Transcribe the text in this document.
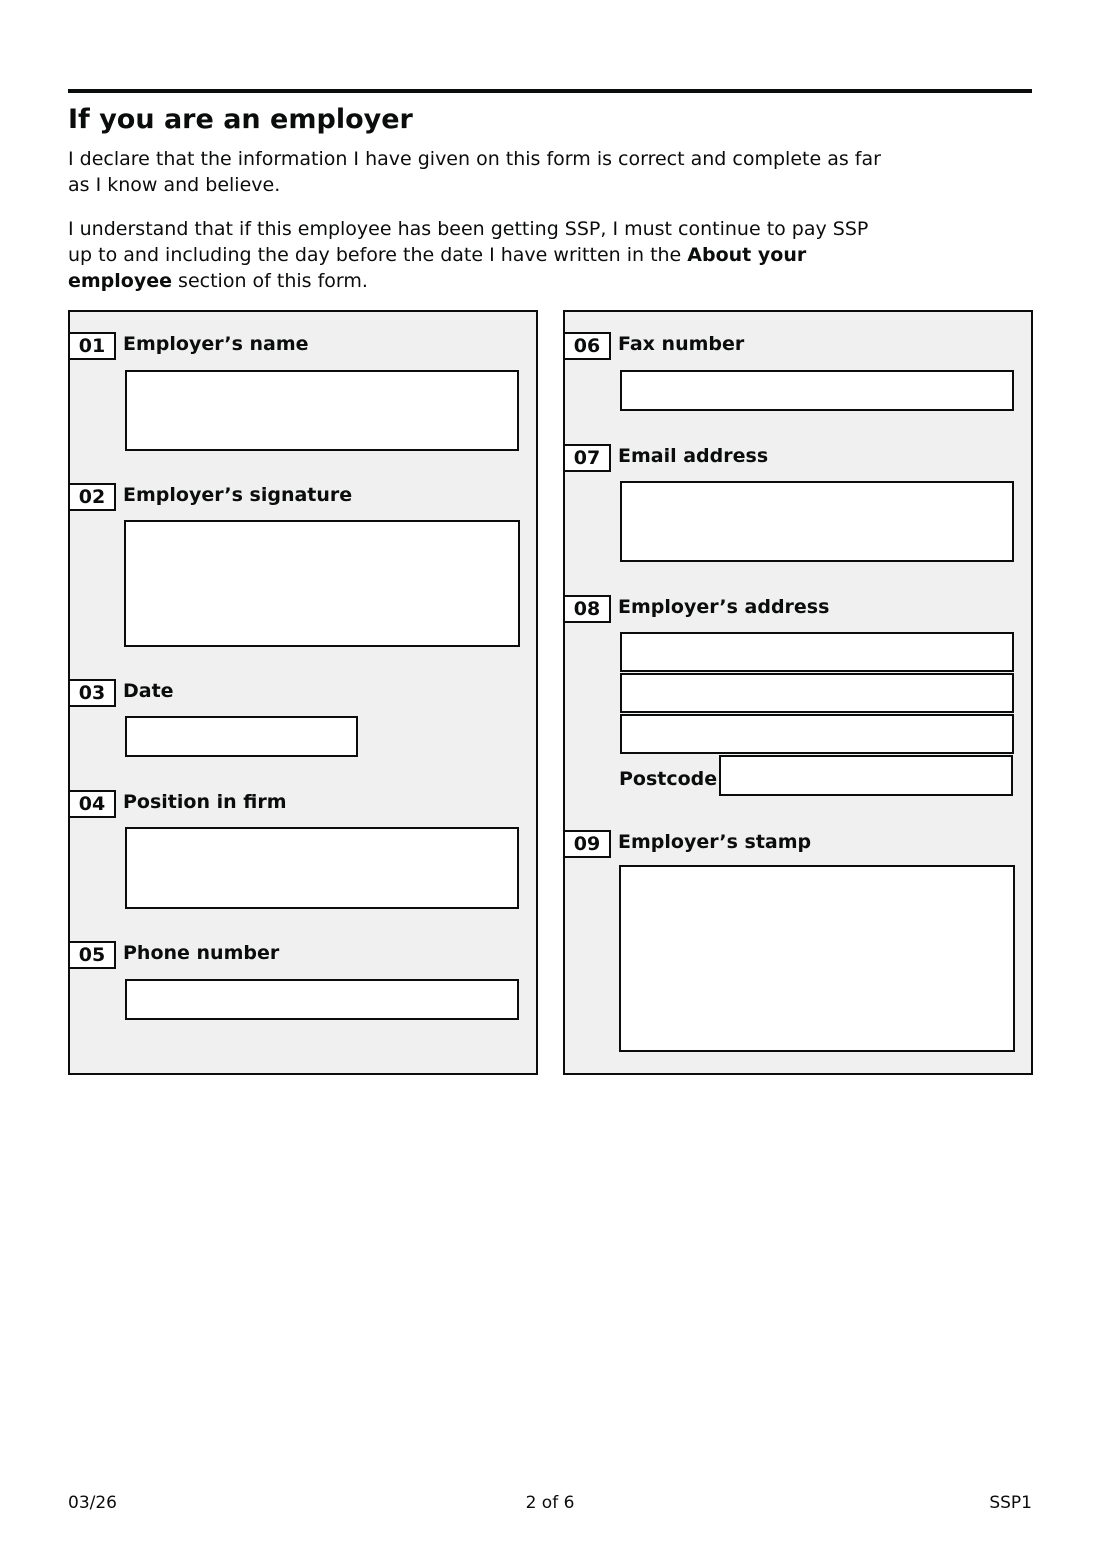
If you are an employer

I declare that the information I have given on this form is correct and complete as far as I know and believe.

I understand that if this employee has been getting SSP, I must continue to pay SSP up to and including the day before the date I have written in the About your employee section of this form.

01 Employer’s name
02 Employer’s signature
03 Date
04 Position in firm
05 Phone number
06 Fax number
07 Email address
08 Employer’s address
Postcode
09 Employer’s stamp
03/26	2 of 6	SSP1
